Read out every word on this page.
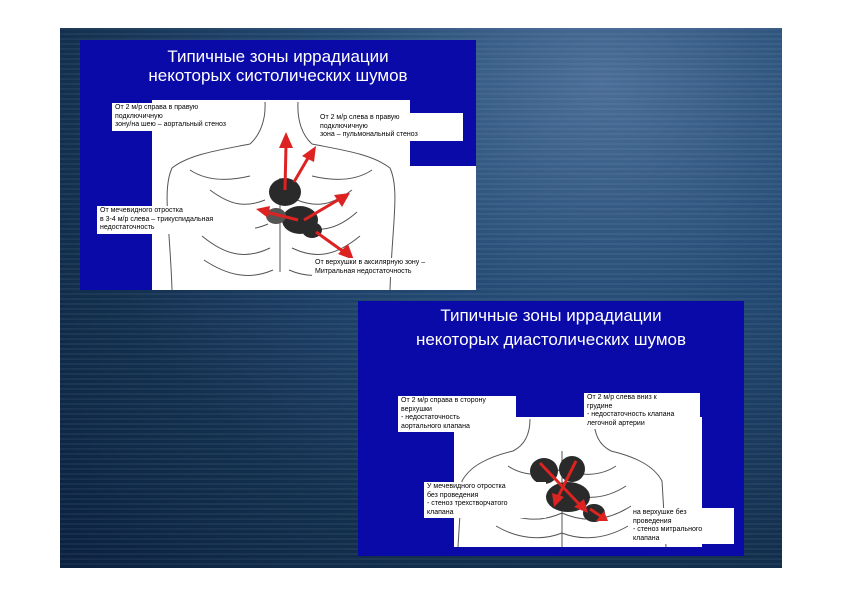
Типичные зоны иррадиации
некоторых систолических шумов
От 2 м/р справа в правую
подключичную
зону/на шею – аортальный стеноз
От 2 м/р слева в правую
подключичную
зона – пульмональный стеноз
От мечевидного отростка
в 3-4 м/р слева – трикуспидальная
недостаточность
От верхушки в аксилярную зону –
Митральная недостаточность
Типичные зоны иррадиации
некоторых диастолических шумов
От 2 м/р справа в сторону
верхушки
- недостаточность
аортального клапана
От 2 м/р слева вниз к
грудине
- недостаточность клапана
легочной артерии
У мечевидного отростка
без проведения
- стеноз трехстворчатого
клапана	на верхушке без
проведения
- стеноз митрального
клапана
